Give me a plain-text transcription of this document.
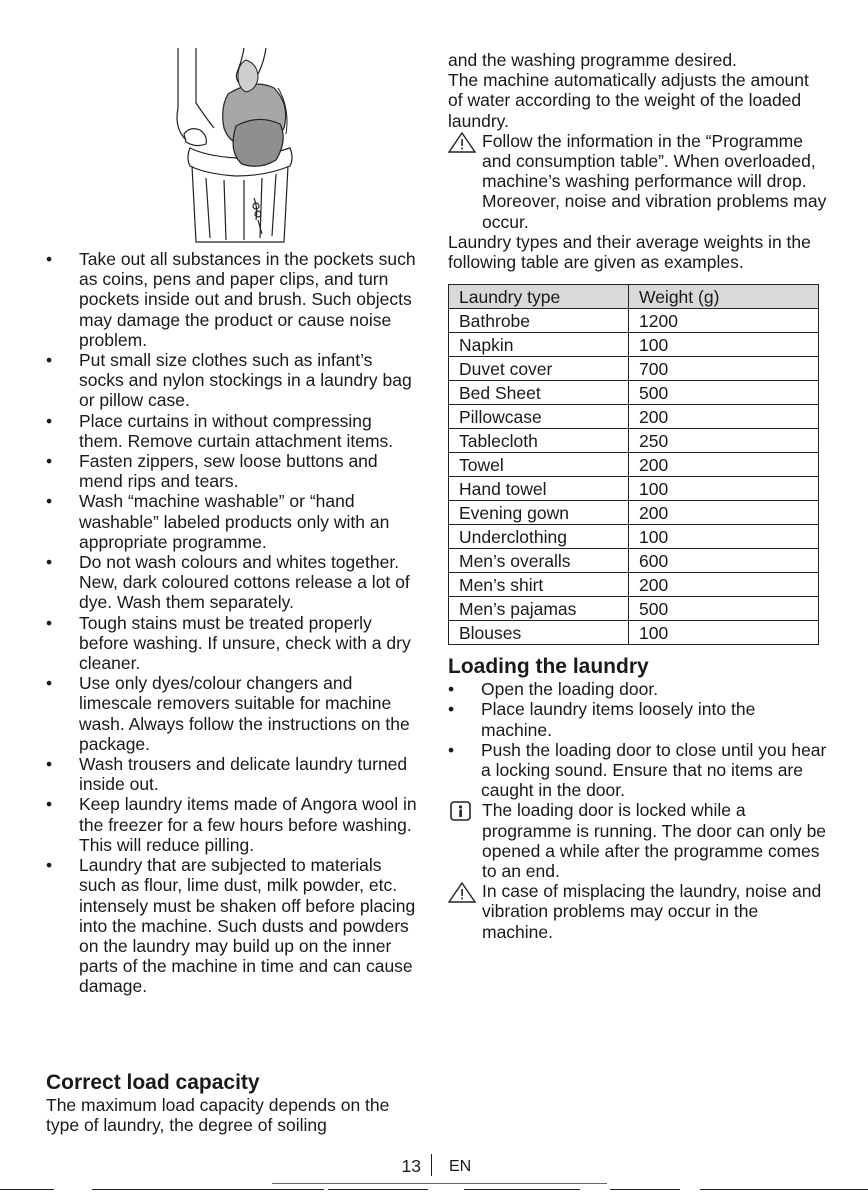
• Take out all substances in the pockets such as coins, pens and paper clips, and turn pockets inside out and brush. Such objects may damage the product or cause noise problem.
• Put small size clothes such as infant’s socks and nylon stockings in a laundry bag or pillow case.
• Place curtains in without compressing them. Remove curtain attachment items.
• Fasten zippers, sew loose buttons and mend rips and tears.
• Wash “machine washable” or “hand washable” labeled products only with an appropriate programme.
• Do not wash colours and whites together. New, dark coloured cottons release a lot of dye. Wash them separately.
• Tough stains must be treated properly before washing. If unsure, check with a dry cleaner.
• Use only dyes/colour changers and limescale removers suitable for machine wash. Always follow the instructions on the package.
• Wash trousers and delicate laundry turned inside out.
• Keep laundry items made of Angora wool in the freezer for a few hours before washing. This will reduce pilling.
• Laundry that are subjected to materials such as flour, lime dust, milk powder, etc. intensely must be shaken off before placing into the machine. Such dusts and powders on the laundry may build up on the inner parts of the machine in time and can cause damage.
Correct load capacity

The maximum load capacity depends on the type of laundry, the degree of soiling

and the washing programme desired.

The machine automatically adjusts the amount of water according to the weight of the loaded laundry.

Follow the information in the “Programme and consumption table”. When overloaded, machine’s washing performance will drop. Moreover, noise and vibration problems may occur.

Laundry types and their average weights in the following table are given as examples.

Laundry type	Weight (g)
Bathrobe	1200
Napkin	100
Duvet cover	700
Bed Sheet	500
Pillowcase	200
Tablecloth	250
Towel	200
Hand towel	100
Evening gown	200
Underclothing	100
Men’s overalls	600
Men’s shirt	200
Men’s pajamas	500
Blouses	100
Loading the laundry
• Open the loading door.
• Place laundry items loosely into the machine.
• Push the loading door to close until you hear a locking sound. Ensure that no items are caught in the door.
The loading door is locked while a programme is running. The door can only be opened a while after the programme comes to an end.
In case of misplacing the laundry, noise and vibration problems may occur in the machine.
13 EN
